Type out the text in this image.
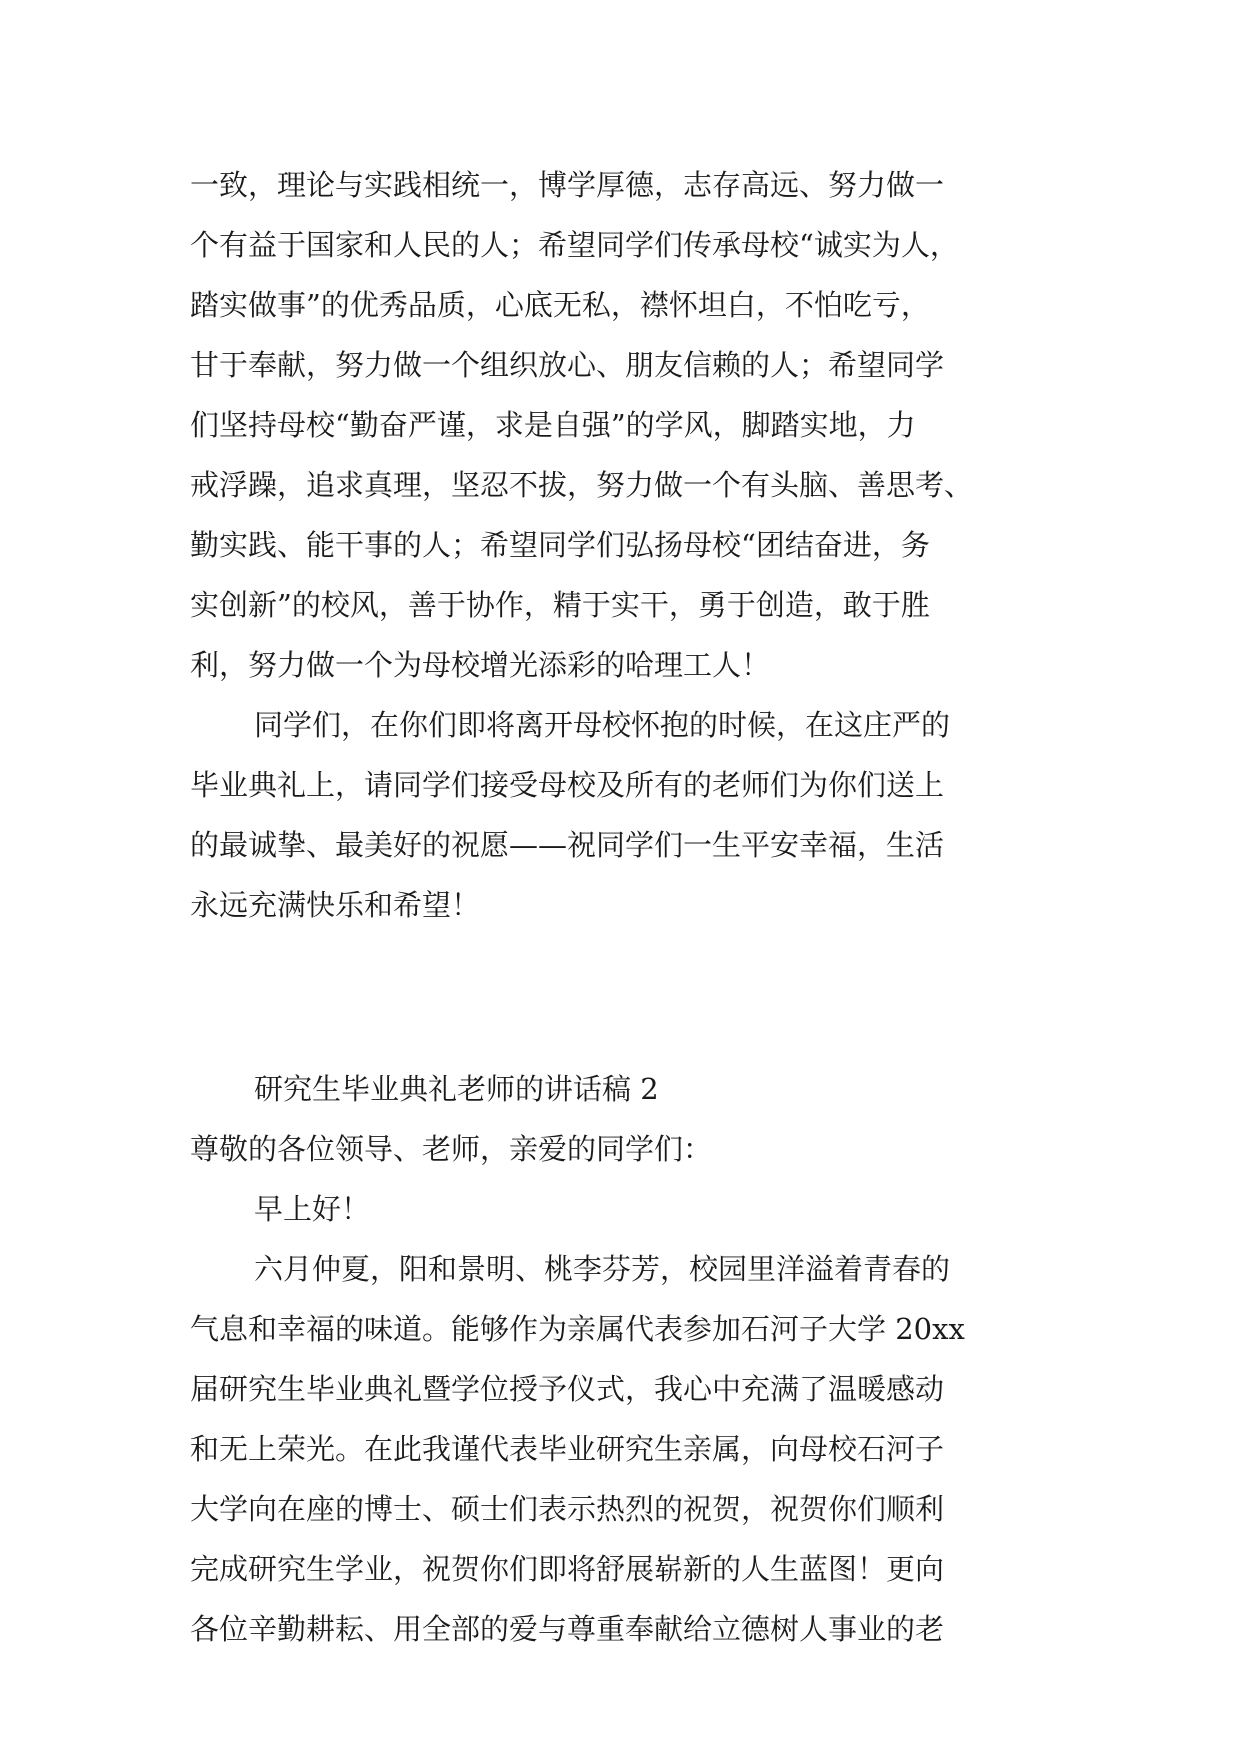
一致，理论与实践相统一，博学厚德，志存高远、努力做一
个有益于国家和人民的人；希望同学们传承母校“诚实为人，
踏实做事”的优秀品质，心底无私，襟怀坦白，不怕吃亏，
甘于奉献，努力做一个组织放心、朋友信赖的人；希望同学
们坚持母校“勤奋严谨，求是自强”的学风，脚踏实地，力
戒浮躁，追求真理，坚忍不拔，努力做一个有头脑、善思考、
勤实践、能干事的人；希望同学们弘扬母校“团结奋进，务
实创新”的校风，善于协作，精于实干，勇于创造，敢于胜
利，努力做一个为母校增光添彩的哈理工人！
同学们，在你们即将离开母校怀抱的时候，在这庄严的
毕业典礼上，请同学们接受母校及所有的老师们为你们送上
的最诚挚、最美好的祝愿——祝同学们一生平安幸福，生活
永远充满快乐和希望！
研究生毕业典礼老师的讲话稿 2
尊敬的各位领导、老师，亲爱的同学们：
早上好！
六月仲夏，阳和景明、桃李芬芳，校园里洋溢着青春的
气息和幸福的味道。能够作为亲属代表参加石河子大学 20xx
届研究生毕业典礼暨学位授予仪式，我心中充满了温暖感动
和无上荣光。在此我谨代表毕业研究生亲属，向母校石河子
大学向在座的博士、硕士们表示热烈的祝贺，祝贺你们顺利
完成研究生学业，祝贺你们即将舒展崭新的人生蓝图！更向
各位辛勤耕耘、用全部的爱与尊重奉献给立德树人事业的老
